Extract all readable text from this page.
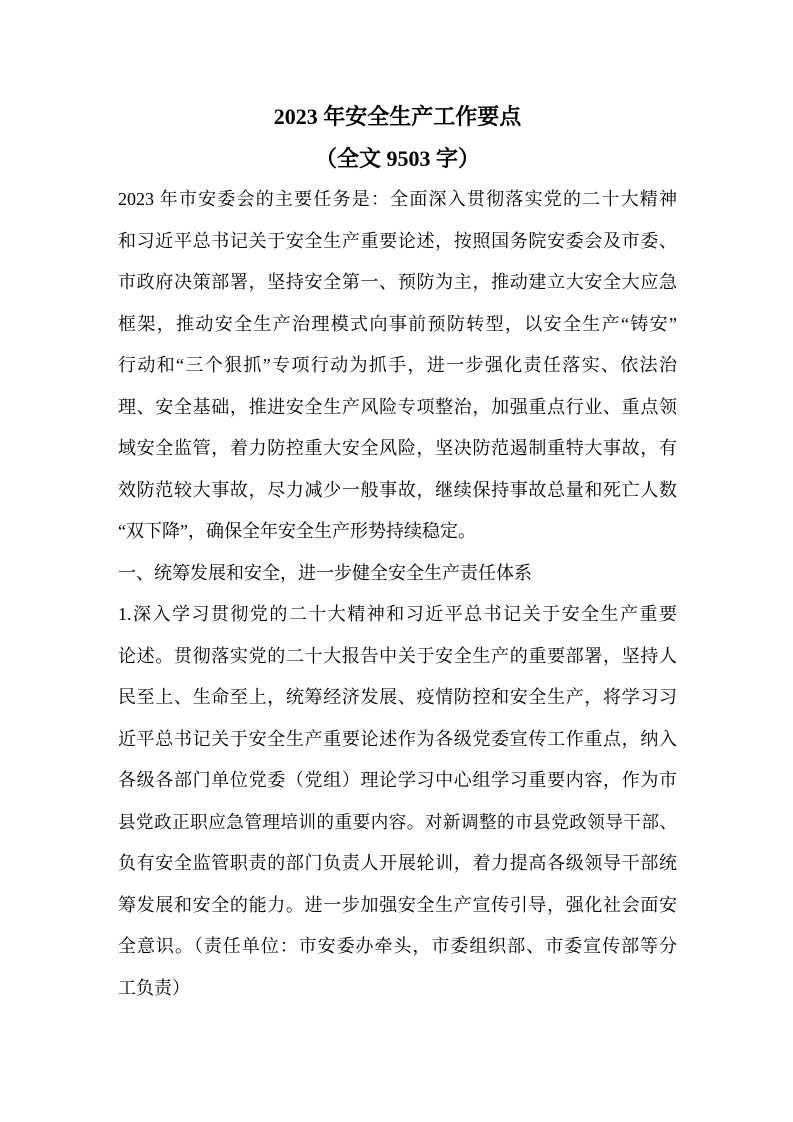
2023 年安全生产工作要点
（全文 9503 字）
2023 年市安委会的主要任务是：全面深入贯彻落实党的二十大精神
和习近平总书记关于安全生产重要论述，按照国务院安委会及市委、
市政府决策部署，坚持安全第一、预防为主，推动建立大安全大应急
框架，推动安全生产治理模式向事前预防转型，以安全生产“铸安”
行动和“三个狠抓”专项行动为抓手，进一步强化责任落实、依法治
理、安全基础，推进安全生产风险专项整治，加强重点行业、重点领
域安全监管，着力防控重大安全风险，坚决防范遏制重特大事故，有
效防范较大事故，尽力减少一般事故，继续保持事故总量和死亡人数
“双下降”，确保全年安全生产形势持续稳定。
一、统筹发展和安全，进一步健全安全生产责任体系
1.深入学习贯彻党的二十大精神和习近平总书记关于安全生产重要
论述。贯彻落实党的二十大报告中关于安全生产的重要部署，坚持人
民至上、生命至上，统筹经济发展、疫情防控和安全生产，将学习习
近平总书记关于安全生产重要论述作为各级党委宣传工作重点，纳入
各级各部门单位党委（党组）理论学习中心组学习重要内容，作为市
县党政正职应急管理培训的重要内容。对新调整的市县党政领导干部、
负有安全监管职责的部门负责人开展轮训，着力提高各级领导干部统
筹发展和安全的能力。进一步加强安全生产宣传引导，强化社会面安
全意识。（责任单位：市安委办牵头，市委组织部、市委宣传部等分
工负责）
